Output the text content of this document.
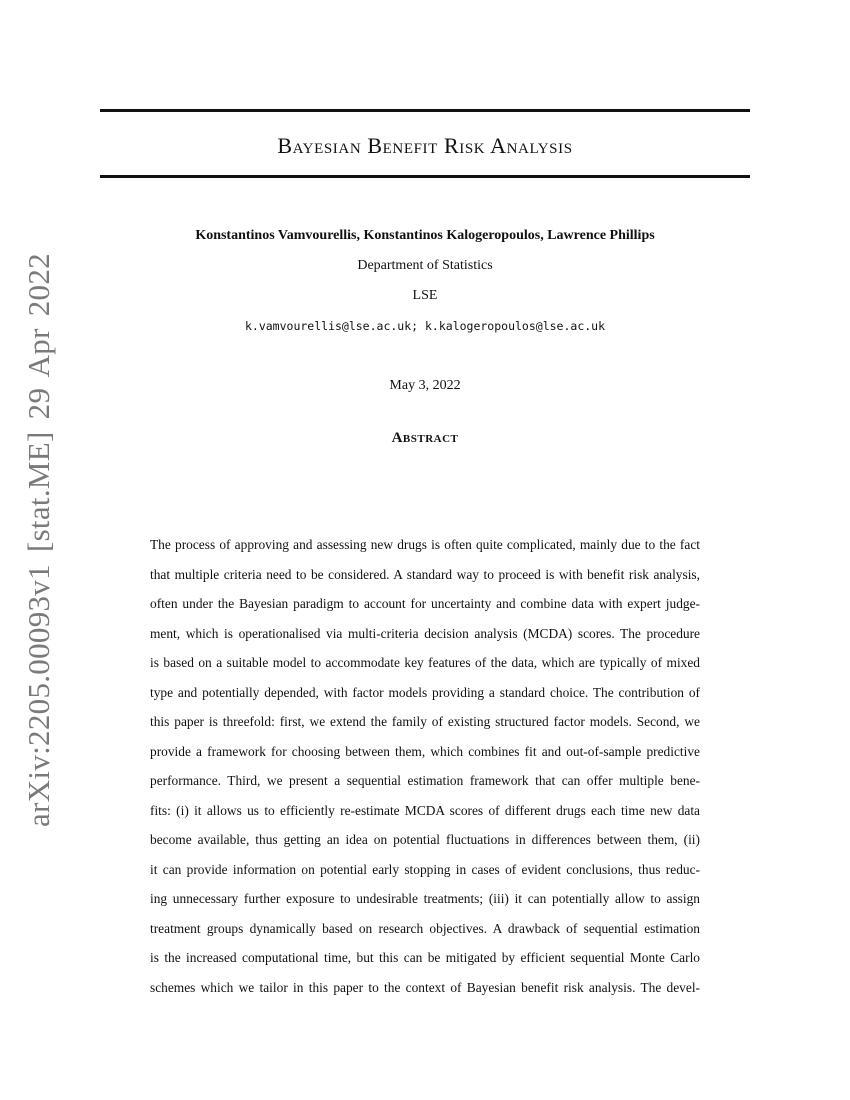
arXiv:2205.00093v1 [stat.ME] 29 Apr 2022
Bayesian Benefit Risk Analysis
Konstantinos Vamvourellis, Konstantinos Kalogeropoulos, Lawrence Phillips
Department of Statistics
LSE
k.vamvourellis@lse.ac.uk; k.kalogeropoulos@lse.ac.uk
May 3, 2022
Abstract
The process of approving and assessing new drugs is often quite complicated, mainly due to the fact
that multiple criteria need to be considered. A standard way to proceed is with benefit risk analysis,
often under the Bayesian paradigm to account for uncertainty and combine data with expert judge-
ment, which is operationalised via multi-criteria decision analysis (MCDA) scores. The procedure
is based on a suitable model to accommodate key features of the data, which are typically of mixed
type and potentially depended, with factor models providing a standard choice. The contribution of
this paper is threefold: first, we extend the family of existing structured factor models. Second, we
provide a framework for choosing between them, which combines fit and out-of-sample predictive
performance. Third, we present a sequential estimation framework that can offer multiple bene-
fits: (i) it allows us to efficiently re-estimate MCDA scores of different drugs each time new data
become available, thus getting an idea on potential fluctuations in differences between them, (ii)
it can provide information on potential early stopping in cases of evident conclusions, thus reduc-
ing unnecessary further exposure to undesirable treatments; (iii) it can potentially allow to assign
treatment groups dynamically based on research objectives. A drawback of sequential estimation
is the increased computational time, but this can be mitigated by efficient sequential Monte Carlo
schemes which we tailor in this paper to the context of Bayesian benefit risk analysis. The devel-
